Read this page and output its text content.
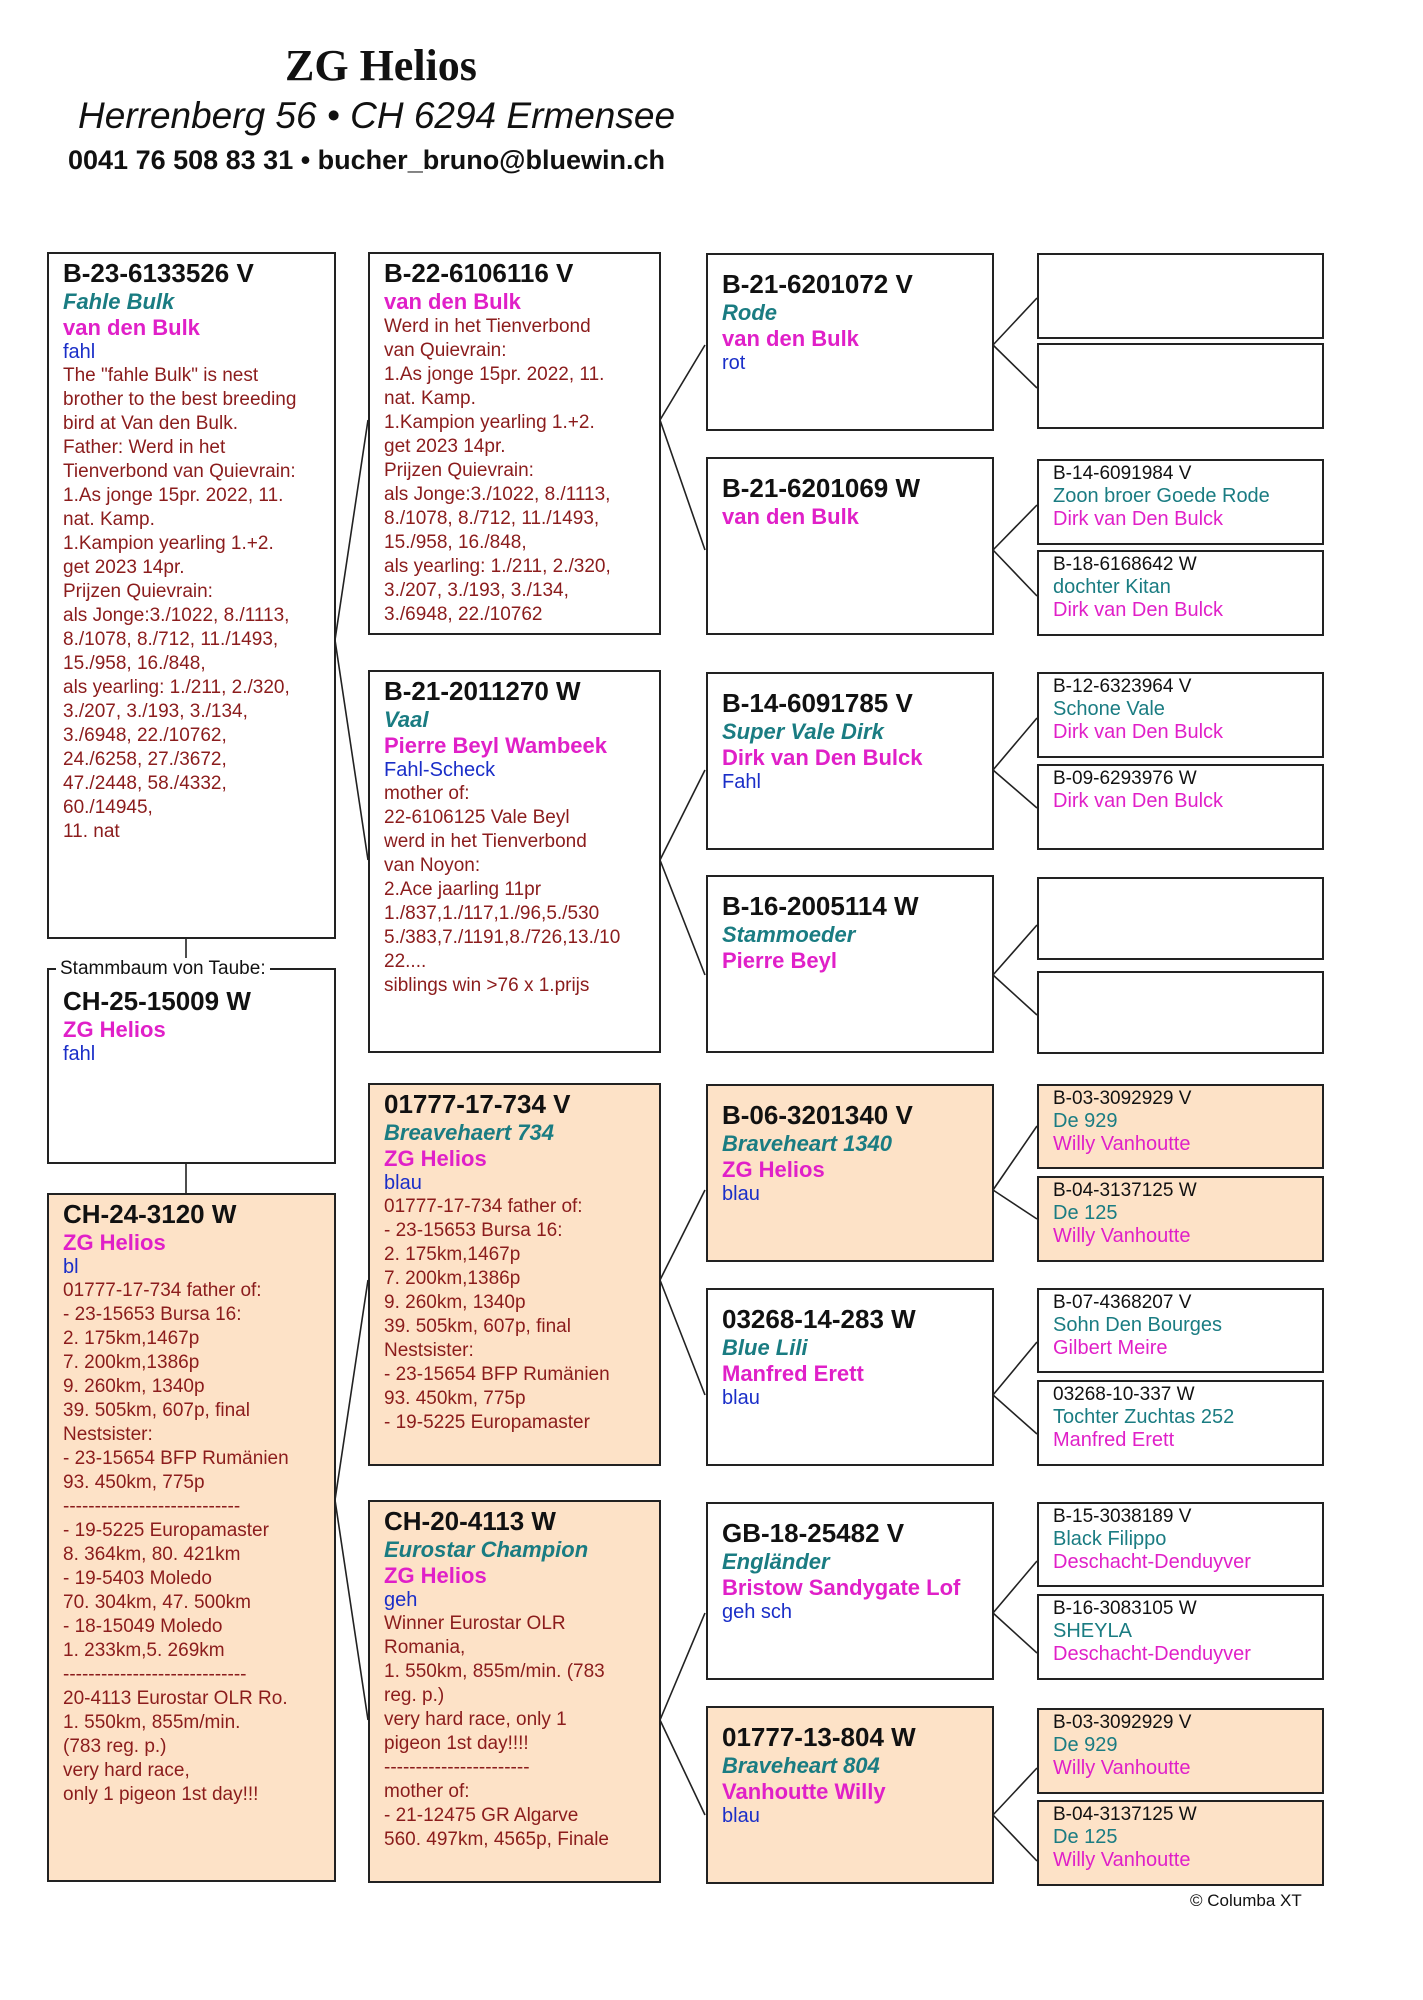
ZG Helios
Herrenberg 56 • CH 6294 Ermensee
0041 76 508 83 31 • bucher_bruno@bluewin.ch
B-23-6133526 V
Fahle Bulk
van den Bulk
fahl
The "fahle Bulk" is nest
brother to the best breeding
bird at Van den Bulk.
Father: Werd in het
Tienverbond van Quievrain:
1.As jonge 15pr. 2022, 11.
nat. Kamp.
1.Kampion yearling 1.+2.
get 2023 14pr.
Prijzen Quievrain:
als Jonge:3./1022, 8./1113,
8./1078, 8./712, 11./1493,
15./958, 16./848,
als yearling: 1./211, 2./320,
3./207, 3./193, 3./134,
3./6948, 22./10762,
24./6258, 27./3672,
47./2448, 58./4332,
60./14945,
11. nat
CH-25-15009 W
ZG Helios
fahl
Stammbaum von Taube:
CH-24-3120 W
ZG Helios
bl
01777-17-734 father of:
- 23-15653 Bursa 16:
2. 175km,1467p
7. 200km,1386p
9. 260km, 1340p
39. 505km, 607p, final
Nestsister:
- 23-15654 BFP Rumänien
93. 450km, 775p
----------------------------
- 19-5225 Europamaster
8. 364km, 80. 421km
- 19-5403 Moledo
70. 304km, 47. 500km
- 18-15049 Moledo
1. 233km,5. 269km
-----------------------------
20-4113 Eurostar OLR Ro.
1. 550km, 855m/min.
(783 reg. p.)
very hard race,
only 1 pigeon 1st day!!!
B-22-6106116 V
van den Bulk
Werd in het Tienverbond
van Quievrain:
1.As jonge 15pr. 2022, 11.
nat. Kamp.
1.Kampion yearling 1.+2.
get 2023 14pr.
Prijzen Quievrain:
als Jonge:3./1022, 8./1113,
8./1078, 8./712, 11./1493,
15./958, 16./848,
als yearling: 1./211, 2./320,
3./207, 3./193, 3./134,
3./6948, 22./10762
B-21-2011270 W
Vaal
Pierre Beyl Wambeek
Fahl-Scheck
mother of:
22-6106125 Vale Beyl
werd in het Tienverbond
van Noyon:
2.Ace jaarling 11pr
1./837,1./117,1./96,5./530
5./383,7./1191,8./726,13./10
22....
siblings win >76 x 1.prijs
01777-17-734 V
Breavehaert 734
ZG Helios
blau
01777-17-734 father of:
- 23-15653 Bursa 16:
2. 175km,1467p
7. 200km,1386p
9. 260km, 1340p
39. 505km, 607p, final
Nestsister:
- 23-15654 BFP Rumänien
93. 450km, 775p
- 19-5225 Europamaster
CH-20-4113 W
Eurostar Champion
ZG Helios
geh
Winner Eurostar OLR
Romania,
1. 550km, 855m/min. (783
reg. p.)
very hard race, only 1
pigeon 1st day!!!!
-----------------------
mother of:
- 21-12475 GR Algarve
560. 497km, 4565p, Finale
B-21-6201072 V
Rode
van den Bulk
rot
B-21-6201069 W
van den Bulk
B-14-6091785 V
Super Vale Dirk
Dirk van Den Bulck
Fahl
B-16-2005114 W
Stammoeder
Pierre Beyl
B-06-3201340 V
Braveheart 1340
ZG Helios
blau
03268-14-283 W
Blue Lili
Manfred Erett
blau
GB-18-25482 V
Engländer
Bristow Sandygate Lof
geh sch
01777-13-804 W
Braveheart 804
Vanhoutte Willy
blau
B-14-6091984 V
Zoon broer Goede Rode
Dirk van Den Bulck
B-18-6168642 W
dochter Kitan
Dirk van Den Bulck
B-12-6323964 V
Schone Vale
Dirk van Den Bulck
B-09-6293976 W
Dirk van Den Bulck
B-03-3092929 V
De 929
Willy Vanhoutte
B-04-3137125 W
De 125
Willy Vanhoutte
B-07-4368207 V
Sohn Den Bourges
Gilbert Meire
03268-10-337 W
Tochter Zuchtas 252
Manfred Erett
B-15-3038189 V
Black Filippo
Deschacht-Denduyver
B-16-3083105 W
SHEYLA
Deschacht-Denduyver
B-03-3092929 V
De 929
Willy Vanhoutte
B-04-3137125 W
De 125
Willy Vanhoutte
© Columba XT
